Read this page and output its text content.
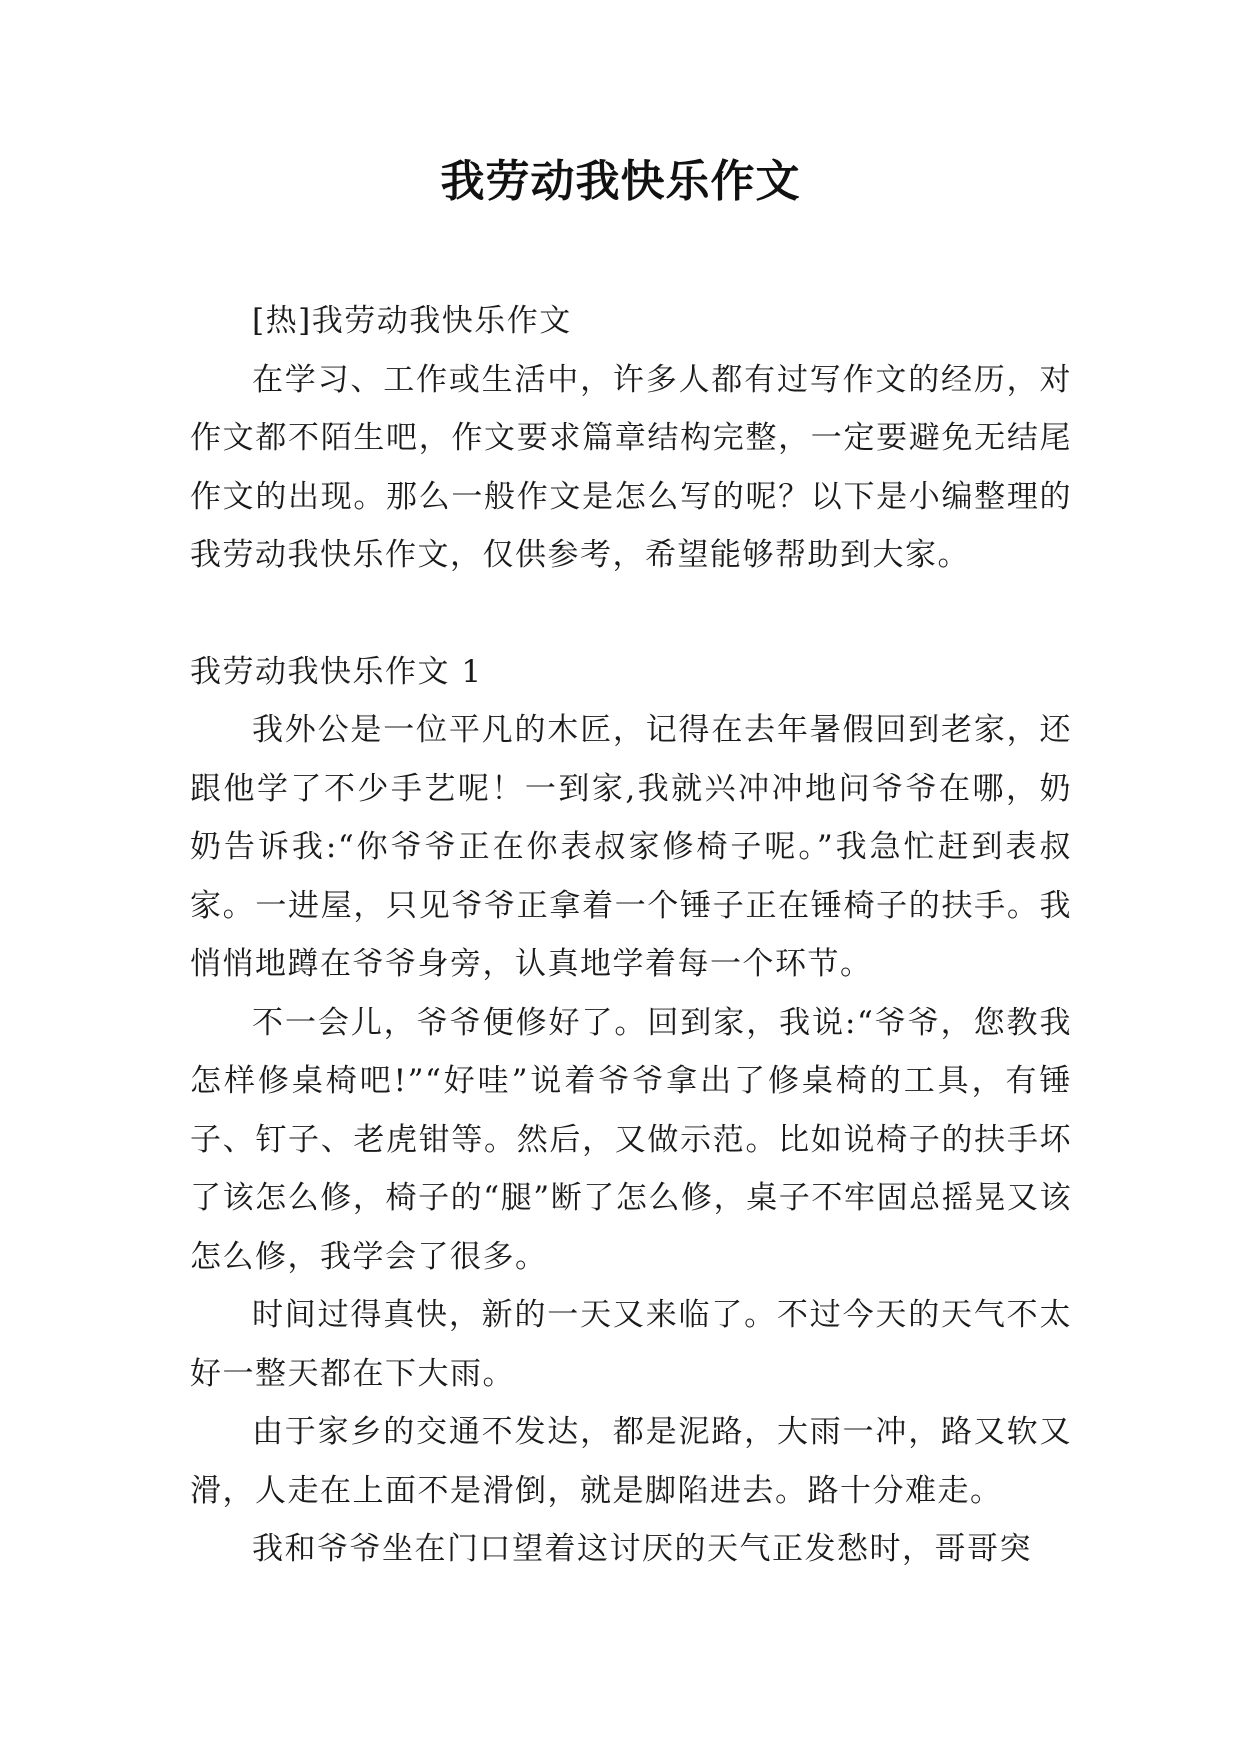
我劳动我快乐作文

[热]我劳动我快乐作文

在学习、工作或生活中，许多人都有过写作文的经历，对作文都不陌生吧，作文要求篇章结构完整，一定要避免无结尾作文的出现。那么一般作文是怎么写的呢？以下是小编整理的我劳动我快乐作文，仅供参考，希望能够帮助到大家。

我劳动我快乐作文 1

我外公是一位平凡的木匠，记得在去年暑假回到老家，还跟他学了不少手艺呢！一到家,我就兴冲冲地问爷爷在哪，奶奶告诉我:“你爷爷正在你表叔家修椅子呢。”我急忙赶到表叔家。一进屋，只见爷爷正拿着一个锤子正在锤椅子的扶手。我悄悄地蹲在爷爷身旁，认真地学着每一个环节。

不一会儿，爷爷便修好了。回到家，我说:“爷爷，您教我怎样修桌椅吧!”“好哇”说着爷爷拿出了修桌椅的工具，有锤子、钉子、老虎钳等。然后，又做示范。比如说椅子的扶手坏了该怎么修，椅子的“腿”断了怎么修，桌子不牢固总摇晃又该怎么修，我学会了很多。

时间过得真快，新的一天又来临了。不过今天的天气不太好一整天都在下大雨。

由于家乡的交通不发达，都是泥路，大雨一冲，路又软又滑，人走在上面不是滑倒，就是脚陷进去。路十分难走。

我和爷爷坐在门口望着这讨厌的天气正发愁时，哥哥突
